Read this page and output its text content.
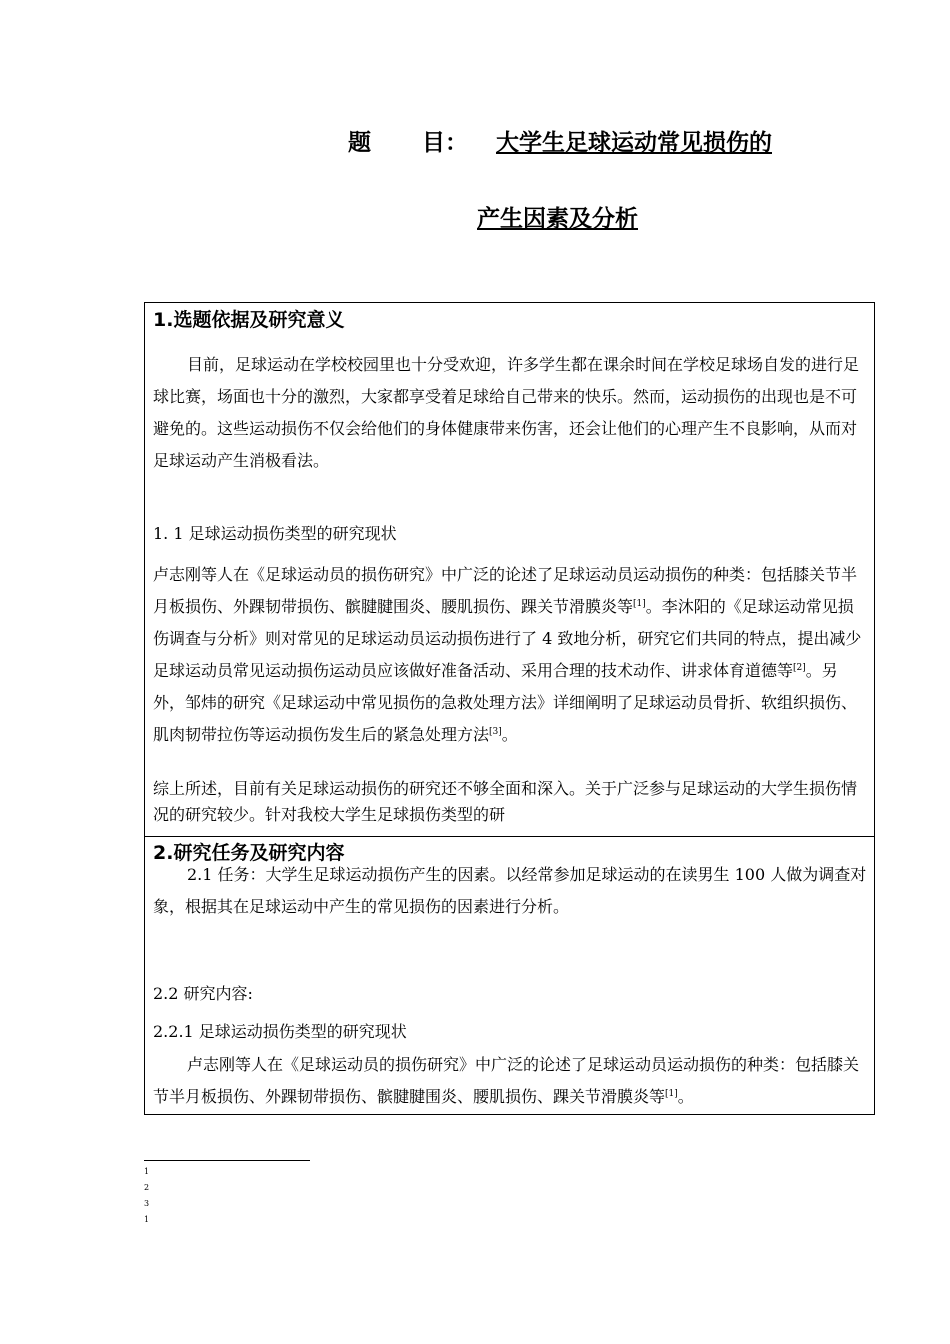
题 目： 大学生足球运动常见损伤的
产生因素及分析
1.选题依据及研究意义

目前，足球运动在学校校园里也十分受欢迎，许多学生都在课余时间在学校足球场自发的进行足球比赛，场面也十分的激烈，大家都享受着足球给自己带来的快乐。然而，运动损伤的出现也是不可避免的。这些运动损伤不仅会给他们的身体健康带来伤害，还会让他们的心理产生不良影响，从而对足球运动产生消极看法。

1. 1 足球运动损伤类型的研究现状

卢志刚等人在《足球运动员的损伤研究》中广泛的论述了足球运动员运动损伤的种类：包括膝关节半月板损伤、外踝韧带损伤、髌腱腱围炎、腰肌损伤、踝关节滑膜炎等[1]。李沐阳的《足球运动常见损伤调查与分析》则对常见的足球运动员运动损伤进行了 4 致地分析，研究它们共同的特点，提出减少足球运动员常见运动损伤运动员应该做好准备活动、采用合理的技术动作、讲求体育道德等[2]。另外，邹炜的研究《足球运动中常见损伤的急救处理方法》详细阐明了足球运动员骨折、软组织损伤、肌肉韧带拉伤等运动损伤发生后的紧急处理方法[3]。

综上所述，目前有关足球运动损伤的研究还不够全面和深入。关于广泛参与足球运动的大学生损伤情况的研究较少。针对我校大学生足球损伤类型的研

2.研究任务及研究内容

2.1 任务：大学生足球运动损伤产生的因素。以经常参加足球运动的在读男生 100 人做为调查对象，根据其在足球运动中产生的常见损伤的因素进行分析。

2.2 研究内容:
2.2.1 足球运动损伤类型的研究现状

卢志刚等人在《足球运动员的损伤研究》中广泛的论述了足球运动员运动损伤的种类：包括膝关节半月板损伤、外踝韧带损伤、髌腱腱围炎、腰肌损伤、踝关节滑膜炎等[1]。

1
2
3
1
